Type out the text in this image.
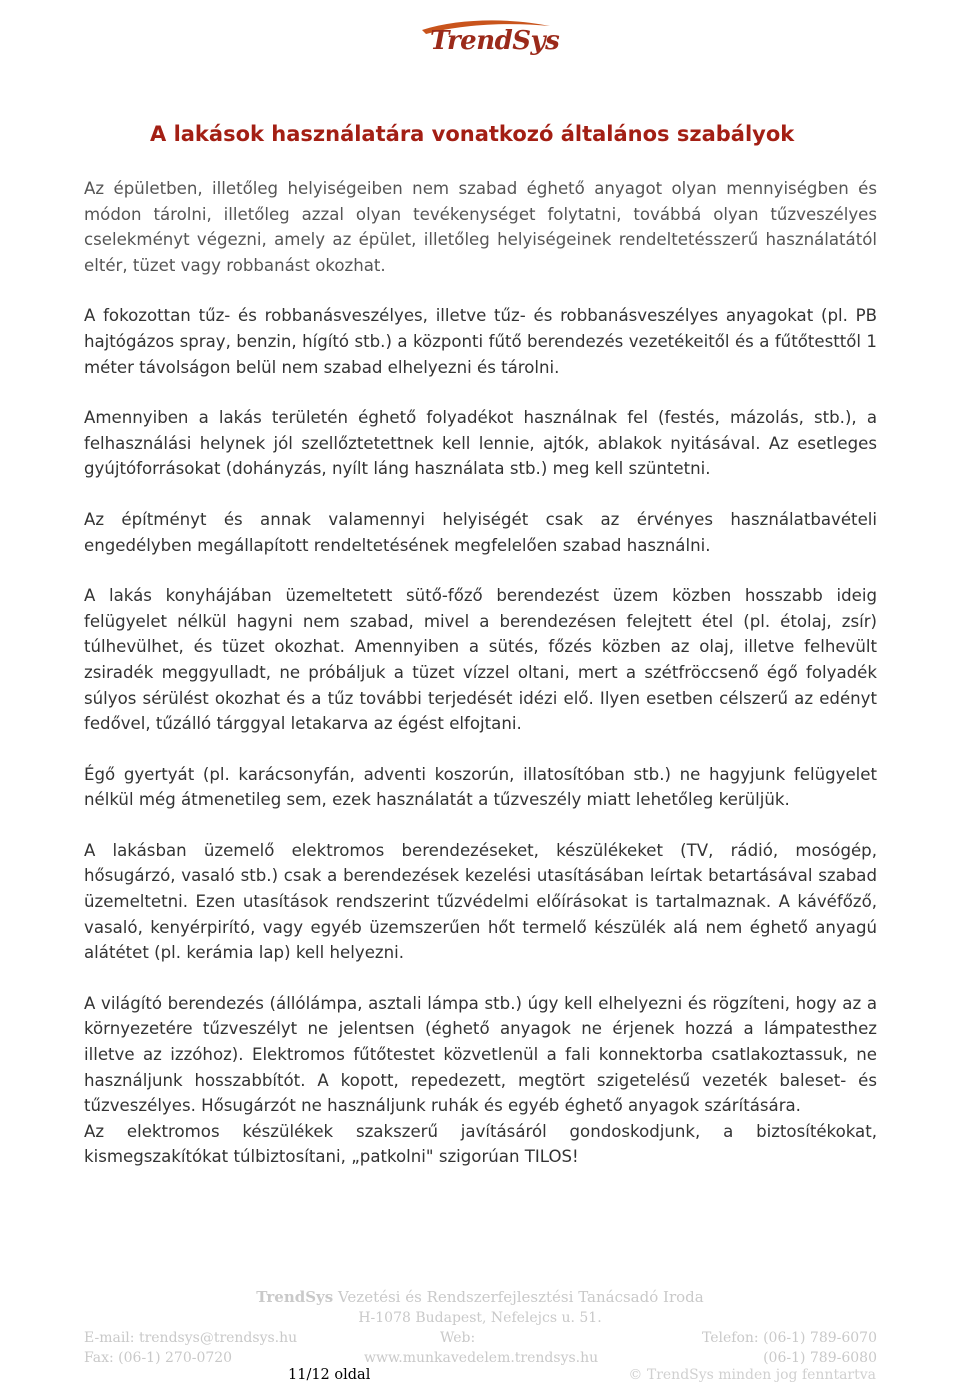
TrendSys
A lakások használatára vonatkozó általános szabályok

Az épületben, illetőleg helyiségeiben nem szabad éghető anyagot olyan mennyiségben és módon tárolni, illetőleg azzal olyan tevékenységet folytatni, továbbá olyan tűzveszélyes cselekményt végezni, amely az épület, illetőleg helyiségeinek rendeltetésszerű használatától eltér, tüzet vagy robbanást okozhat.

A fokozottan tűz- és robbanásveszélyes, illetve tűz- és robbanásveszélyes anyagokat (pl. PB hajtógázos spray, benzin, hígító stb.) a központi fűtő berendezés vezetékeitől és a fűtőtesttől 1 méter távolságon belül nem szabad elhelyezni és tárolni.

Amennyiben a lakás területén éghető folyadékot használnak fel (festés, mázolás, stb.), a felhasználási helynek jól szellőztetettnek kell lennie, ajtók, ablakok nyitásával. Az esetleges gyújtóforrásokat (dohányzás, nyílt láng használata stb.) meg kell szüntetni.

Az építményt és annak valamennyi helyiségét csak az érvényes használatbavételi engedélyben megállapított rendeltetésének megfelelően szabad használni.

A lakás konyhájában üzemeltetett sütő-főző berendezést üzem közben hosszabb ideig felügyelet nélkül hagyni nem szabad, mivel a berendezésen felejtett étel (pl. étolaj, zsír) túlhevülhet, és tüzet okozhat. Amennyiben a sütés, főzés közben az olaj, illetve felhevült zsiradék meggyulladt, ne próbáljuk a tüzet vízzel oltani, mert a szétfröccsenő égő folyadék súlyos sérülést okozhat és a tűz további terjedését idézi elő. Ilyen esetben célszerű az edényt fedővel, tűzálló tárggyal letakarva az égést elfojtani.

Égő gyertyát (pl. karácsonyfán, adventi koszorún, illatosítóban stb.) ne hagyjunk felügyelet nélkül még átmenetileg sem, ezek használatát a tűzveszély miatt lehetőleg kerüljük.

A lakásban üzemelő elektromos berendezéseket, készülékeket (TV, rádió, mosógép, hősugárzó, vasaló stb.) csak a berendezések kezelési utasításában leírtak betartásával szabad üzemeltetni. Ezen utasítások rendszerint tűzvédelmi előírásokat is tartalmaznak. A kávéfőző, vasaló, kenyérpirító, vagy egyéb üzemszerűen hőt termelő készülék alá nem éghető anyagú alátétet (pl. kerámia lap) kell helyezni.

A világító berendezés (állólámpa, asztali lámpa stb.) úgy kell elhelyezni és rögzíteni, hogy az a környezetére tűzveszélyt ne jelentsen (éghető anyagok ne érjenek hozzá a lámpatesthez illetve az izzóhoz). Elektromos fűtőtestet közvetlenül a fali konnektorba csatlakoztassuk, ne használjunk hosszabbítót. A kopott, repedezett, megtört szigetelésű vezeték baleset- és tűzveszélyes. Hősugárzót ne használjunk ruhák és egyéb éghető anyagok szárítására.

Az elektromos készülékek szakszerű javításáról gondoskodjunk, a biztosítékokat, kismegszakítókat túlbiztosítani, „patkolni" szigorúan TILOS!

TrendSys Vezetési és Rendszerfejlesztési Tanácsadó Iroda
H-1078 Budapest, Nefelejcs u. 51.
E-mail: trendsys@trendsys.hu	Web:	Telefon: (06-1) 789-6070
Fax: (06-1) 270-0720	www.munkavedelem.trendsys.hu	(06-1) 789-6080
11/12 oldal	© TrendSys minden jog fenntartva
